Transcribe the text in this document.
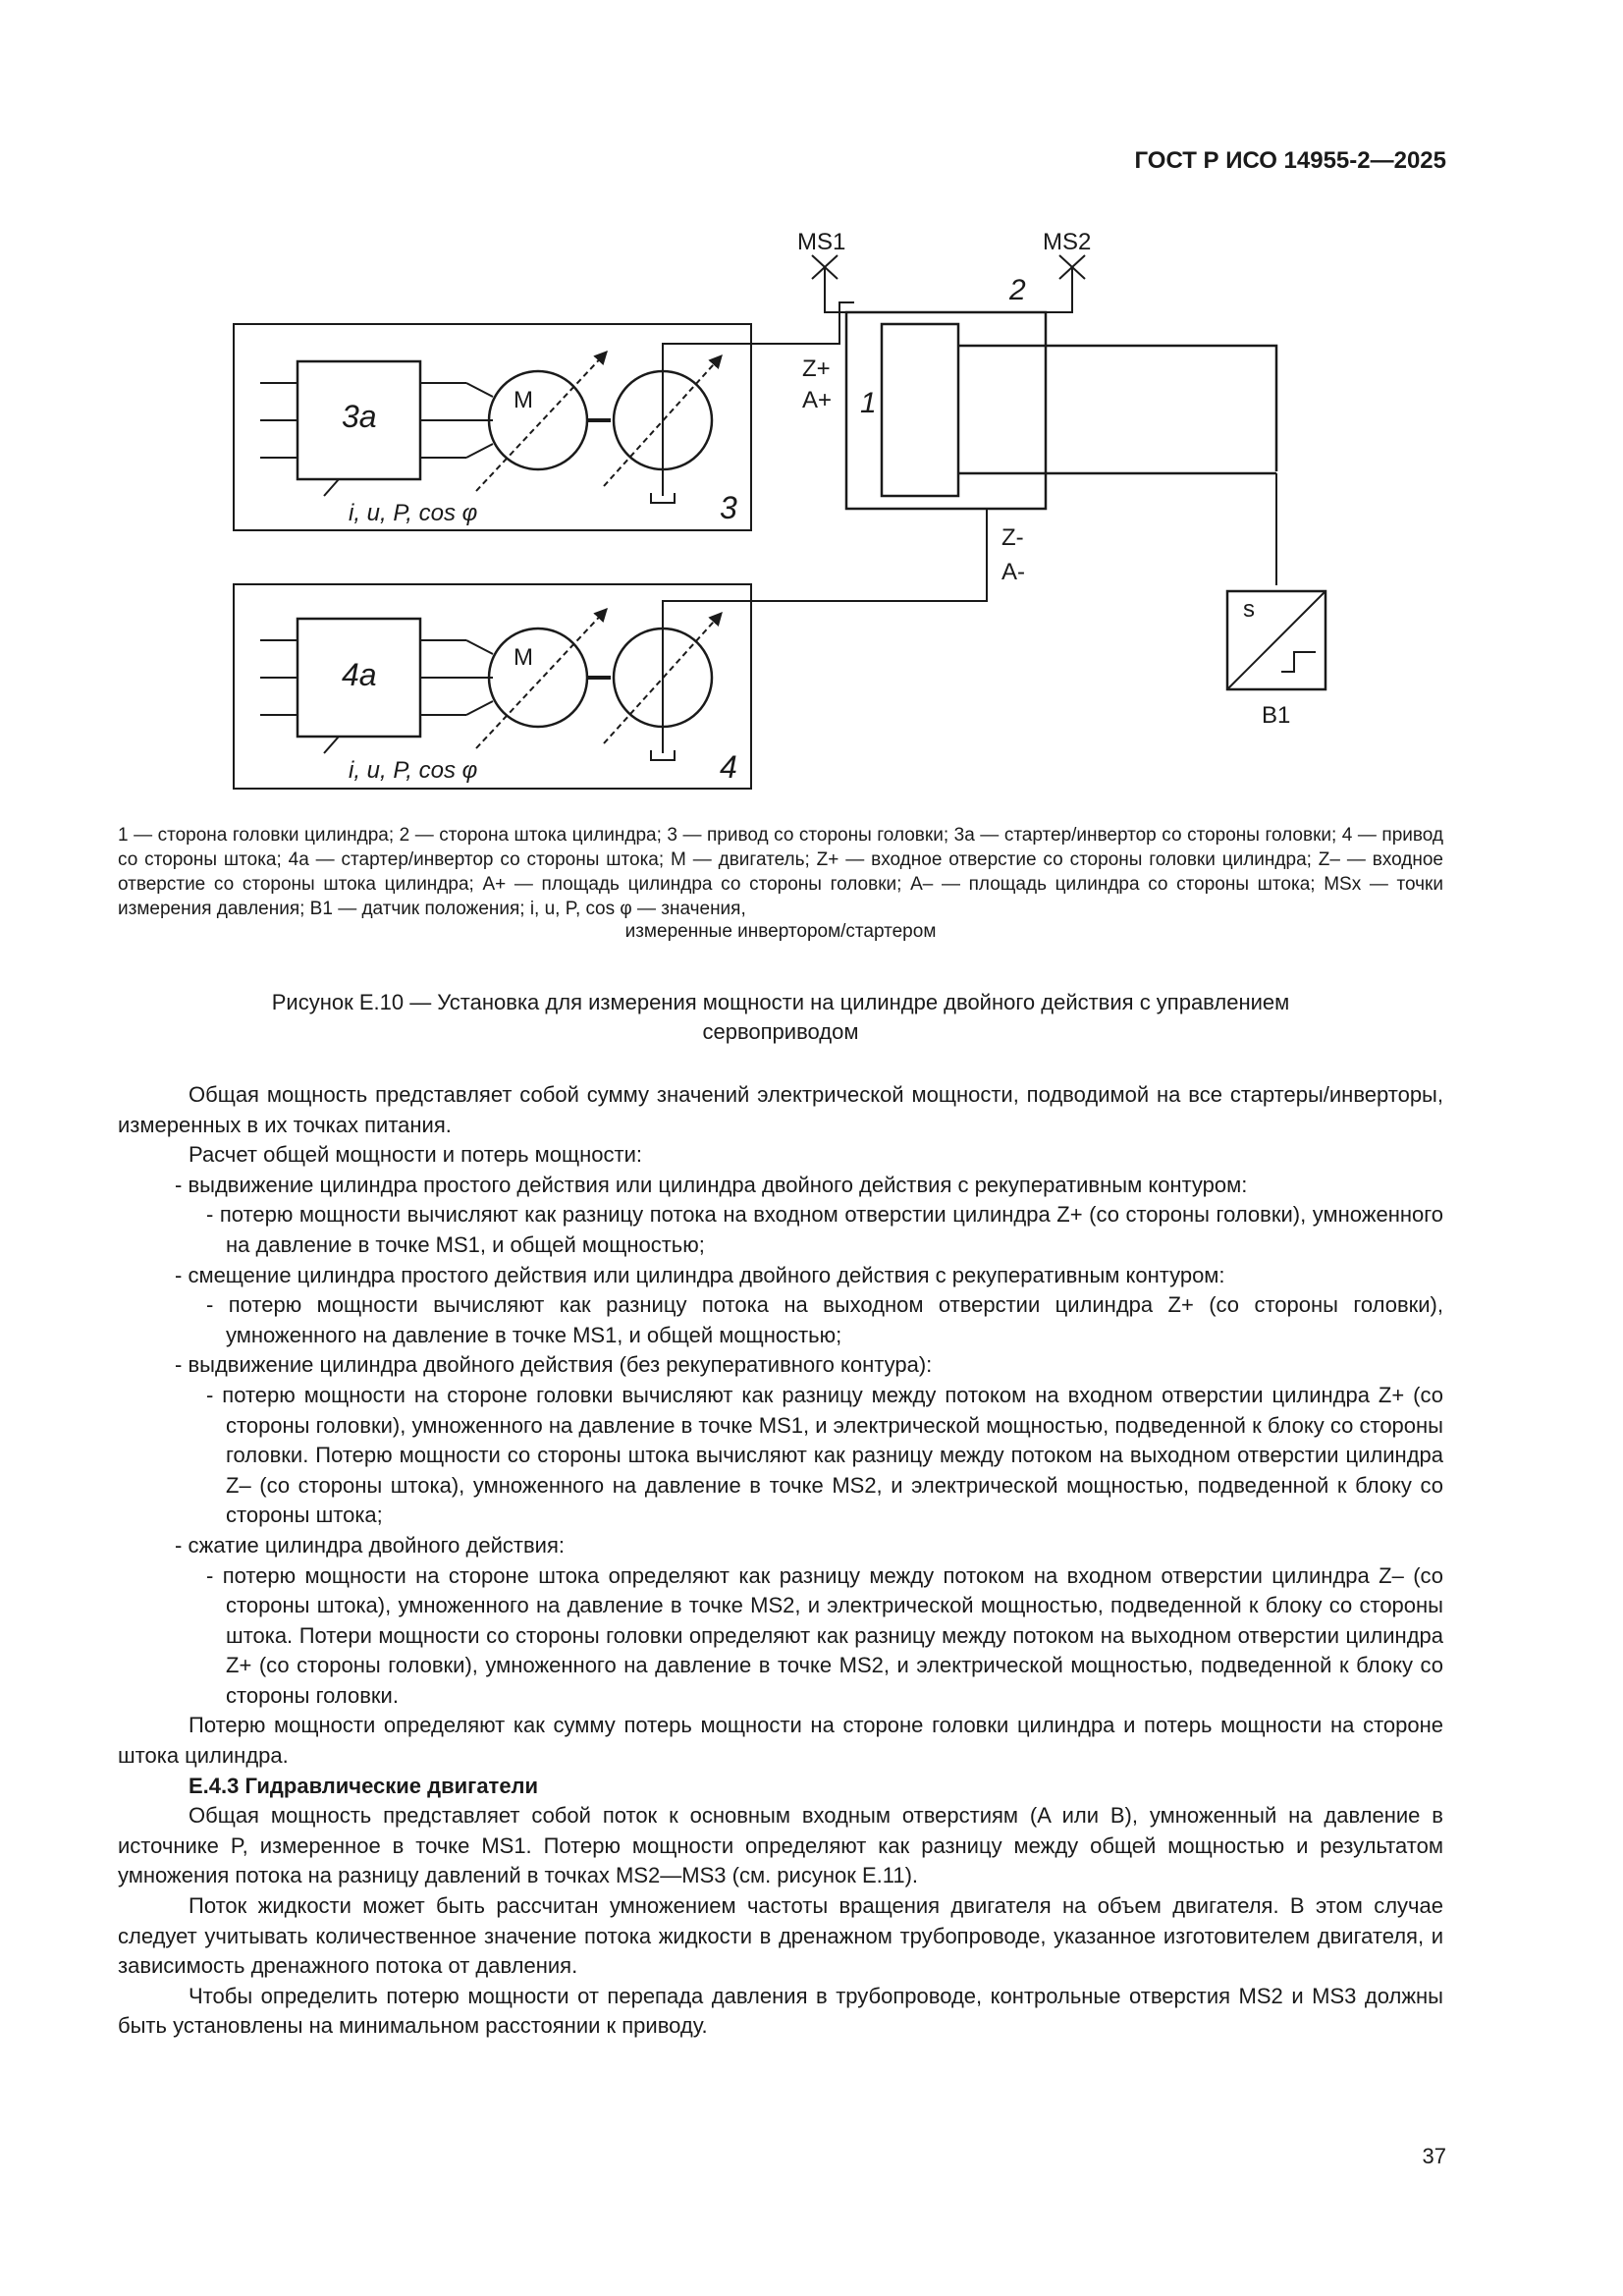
ГОСТ Р ИСО 14955-2—2025
MS1	MS2
2
1
Z+
A+
Z-
A-
3a
4a
M
M
i, u, P, cos φ
i, u, P, cos φ
3
4
s
B1
1 — сторона головки цилиндра; 2 — сторона штока цилиндра; 3 — привод со стороны головки; 3a — стартер/инвертор со стороны головки; 4 — привод со стороны штока; 4a — стартер/инвертор со стороны штока; M — двигатель; Z+ — входное отверстие со стороны головки цилиндра; Z– — входное отверстие со стороны штока цилиндра; A+ — площадь цилиндра со стороны головки; A– — площадь цилиндра со стороны штока; MSx — точки измерения давления; B1 — датчик положения; i, u, P, cos φ — значения,
измеренные инвертором/стартером
Рисунок Е.10 — Установка для измерения мощности на цилиндре двойного действия с управлением
сервоприводом

Общая мощность представляет собой сумму значений электрической мощности, подводимой на все стартеры/инверторы, измеренных в их точках питания.

Расчет общей мощности и потерь мощности:

- выдвижение цилиндра простого действия или цилиндра двойного действия с рекуперативным контуром:

- потерю мощности вычисляют как разницу потока на входном отверстии цилиндра Z+ (со стороны головки), умноженного на давление в точке MS1, и общей мощностью;

- смещение цилиндра простого действия или цилиндра двойного действия с рекуперативным контуром:

- потерю мощности вычисляют как разницу потока на выходном отверстии цилиндра Z+ (со стороны головки), умноженного на давление в точке MS1, и общей мощностью;

- выдвижение цилиндра двойного действия (без рекуперативного контура):

- потерю мощности на стороне головки вычисляют как разницу между потоком на входном отверстии цилиндра Z+ (со стороны головки), умноженного на давление в точке MS1, и электрической мощностью, подведенной к блоку со стороны головки. Потерю мощности со стороны штока вычисляют как разницу между потоком на выходном отверстии цилиндра Z– (со стороны штока), умноженного на давление в точке MS2, и электрической мощностью, подведенной к блоку со стороны штока;

- сжатие цилиндра двойного действия:

- потерю мощности на стороне штока определяют как разницу между потоком на входном отверстии цилиндра Z– (со стороны штока), умноженного на давление в точке MS2, и электрической мощностью, подведенной к блоку со стороны штока. Потери мощности со стороны головки определяют как разницу между потоком на выходном отверстии цилиндра Z+ (со стороны головки), умноженного на давление в точке MS2, и электрической мощностью, подведенной к блоку со стороны головки.

Потерю мощности определяют как сумму потерь мощности на стороне головки цилиндра и потерь мощности на стороне штока цилиндра.

Е.4.3 Гидравлические двигатели

Общая мощность представляет собой поток к основным входным отверстиям (A или B), умноженный на давление в источнике P, измеренное в точке MS1. Потерю мощности определяют как разницу между общей мощностью и результатом умножения потока на разницу давлений в точках MS2—MS3 (см. рисунок Е.11).

Поток жидкости может быть рассчитан умножением частоты вращения двигателя на объем двигателя. В этом случае следует учитывать количественное значение потока жидкости в дренажном трубопроводе, указанное изготовителем двигателя, и зависимость дренажного потока от давления.

Чтобы определить потерю мощности от перепада давления в трубопроводе, контрольные отверстия MS2 и MS3 должны быть установлены на минимальном расстоянии к приводу.

37
